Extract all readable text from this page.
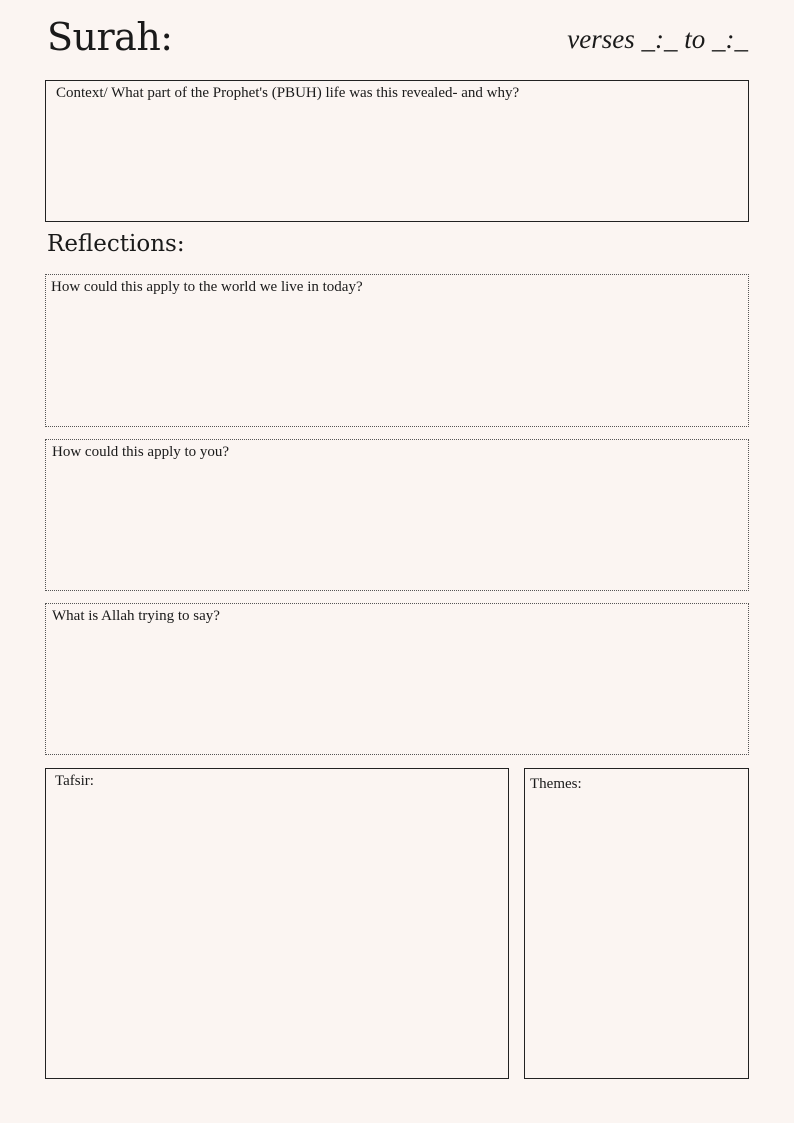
Surah:	verses _:_ to _:_
Context/ What part of the Prophet's (PBUH) life was this revealed- and why?
Reflections:
How could this apply to the world we live in today?
How could this apply to you?
What is Allah trying to say?
Tafsir:	Themes:
